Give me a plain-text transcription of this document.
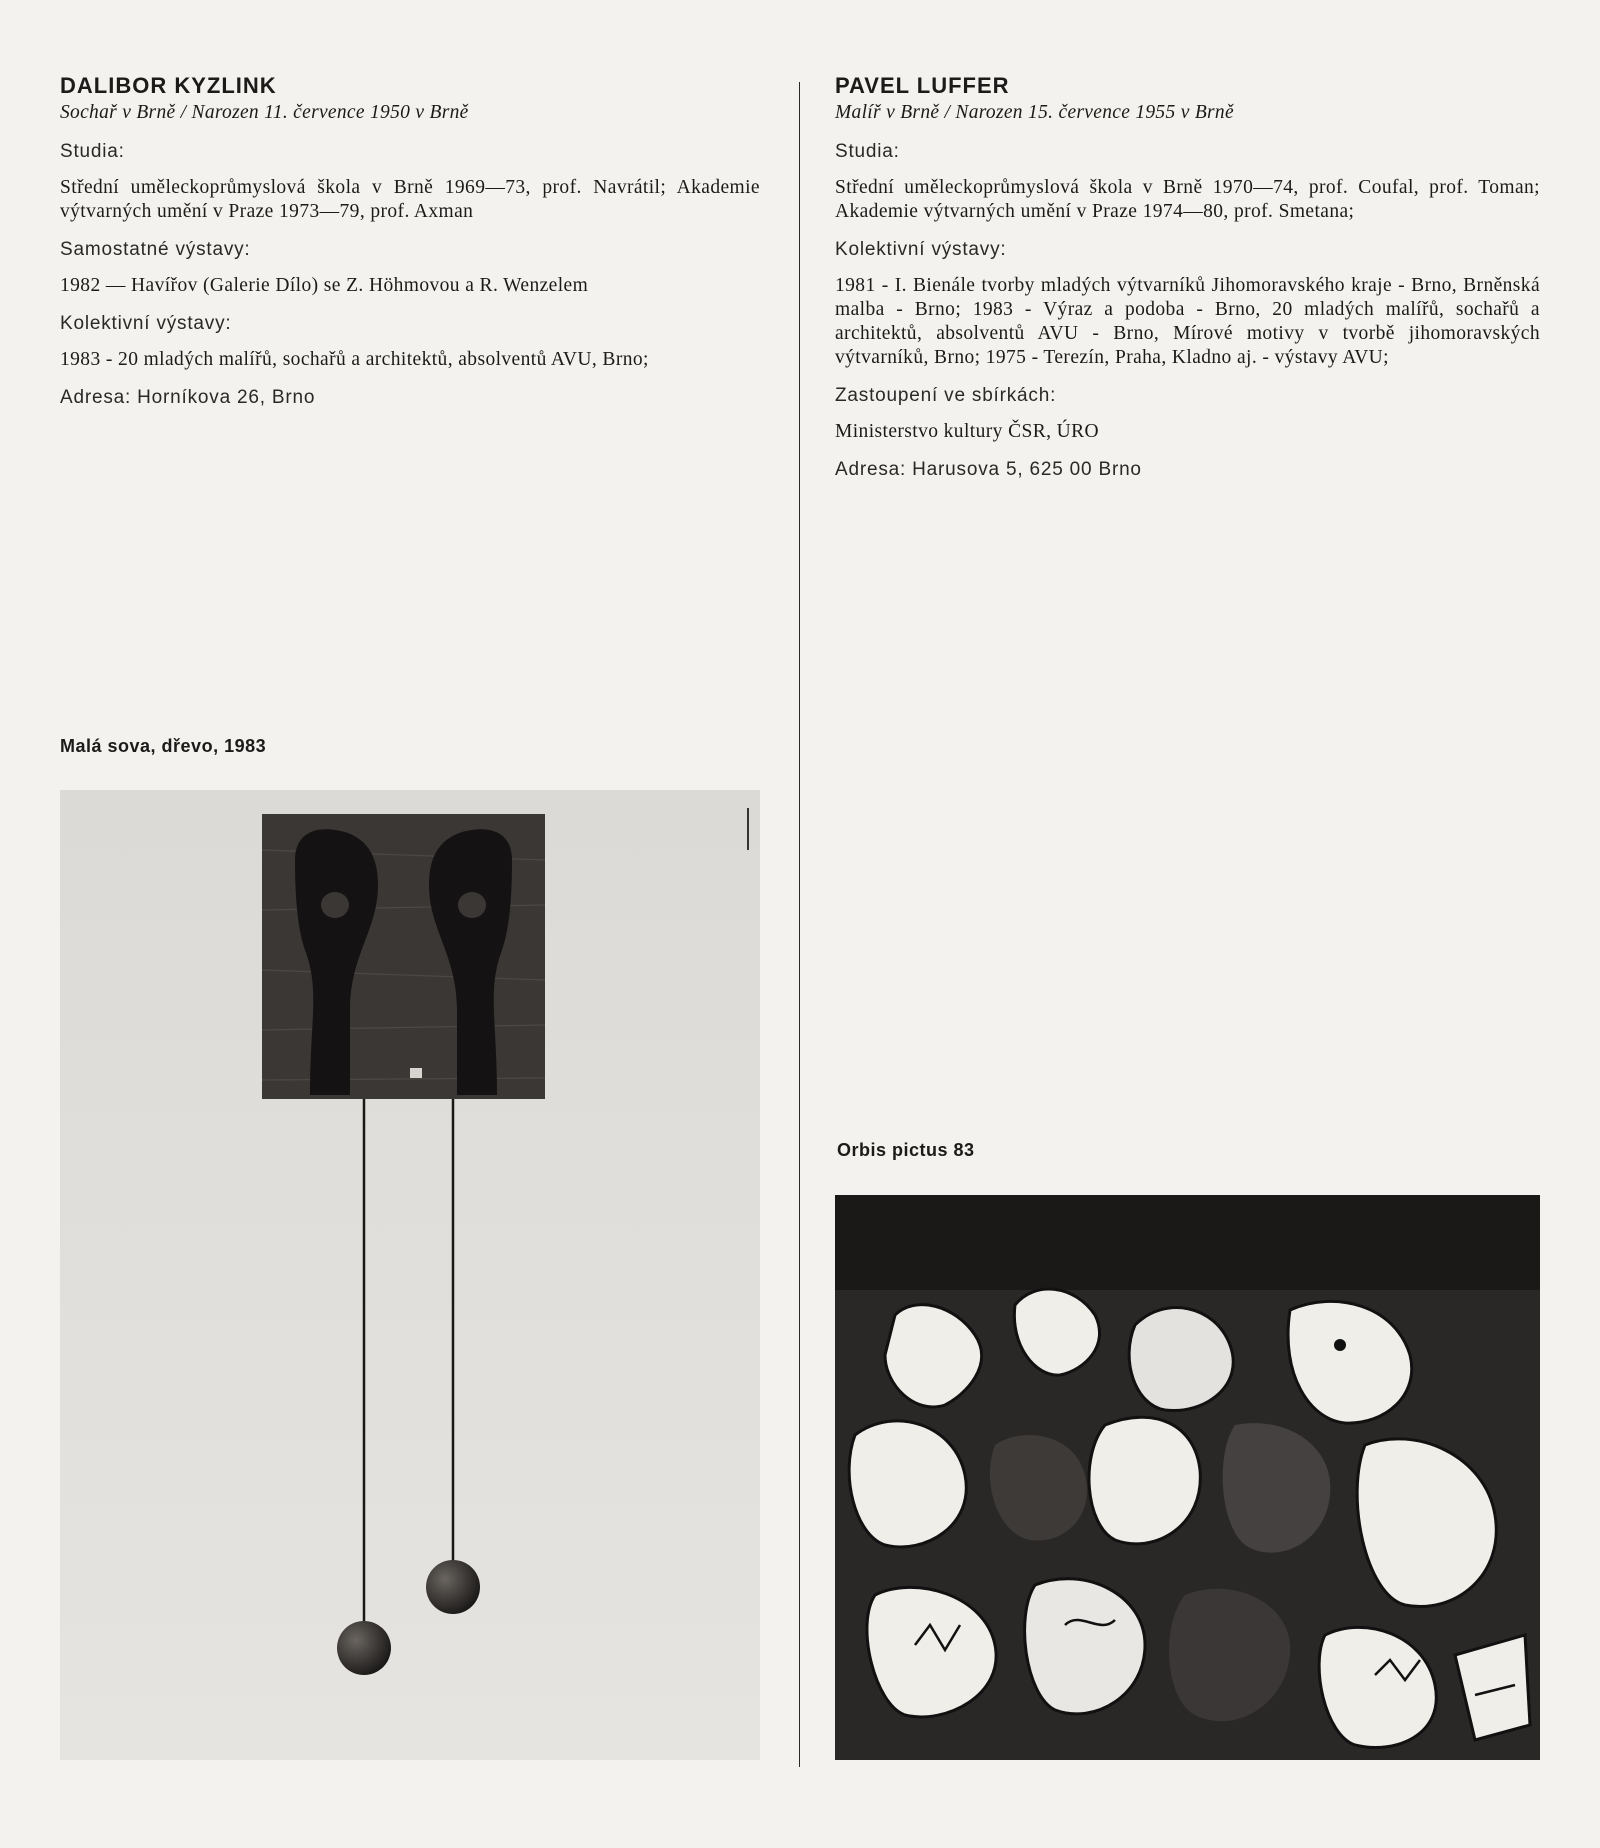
DALIBOR KYZLINK

Sochař v Brně / Narozen 11. července 1950 v Brně

Studia:
Střední uměleckoprůmyslová škola v Brně 1969—73, prof. Navrátil; Akademie výtvarných umění v Praze 1973—79, prof. Axman
Samostatné výstavy:
1982 — Havířov (Galerie Dílo) se Z. Höhmovou a R. Wenzelem
Kolektivní výstavy:
1983 - 20 mladých malířů, sochařů a architektů, absolventů AVU, Brno;
Adresa: Horníkova 26, Brno
Malá sova, dřevo, 1983
PAVEL LUFFER

Malíř v Brně / Narozen 15. července 1955 v Brně

Studia:
Střední uměleckoprůmyslová škola v Brně 1970—74, prof. Coufal, prof. Toman; Akademie výtvarných umění v Praze 1974—80, prof. Smetana;
Kolektivní výstavy:
1981 - I. Bienále tvorby mladých výtvarníků Jihomoravského kraje - Brno, Brněnská malba - Brno; 1983 - Výraz a podoba - Brno, 20 mladých malířů, sochařů a architektů, absolventů AVU - Brno, Mírové motivy v tvorbě jihomoravských výtvarníků, Brno; 1975 - Terezín, Praha, Kladno aj. - výstavy AVU;
Zastoupení ve sbírkách:
Ministerstvo kultury ČSR, ÚRO
Adresa: Harusova 5, 625 00 Brno
Orbis pictus 83
